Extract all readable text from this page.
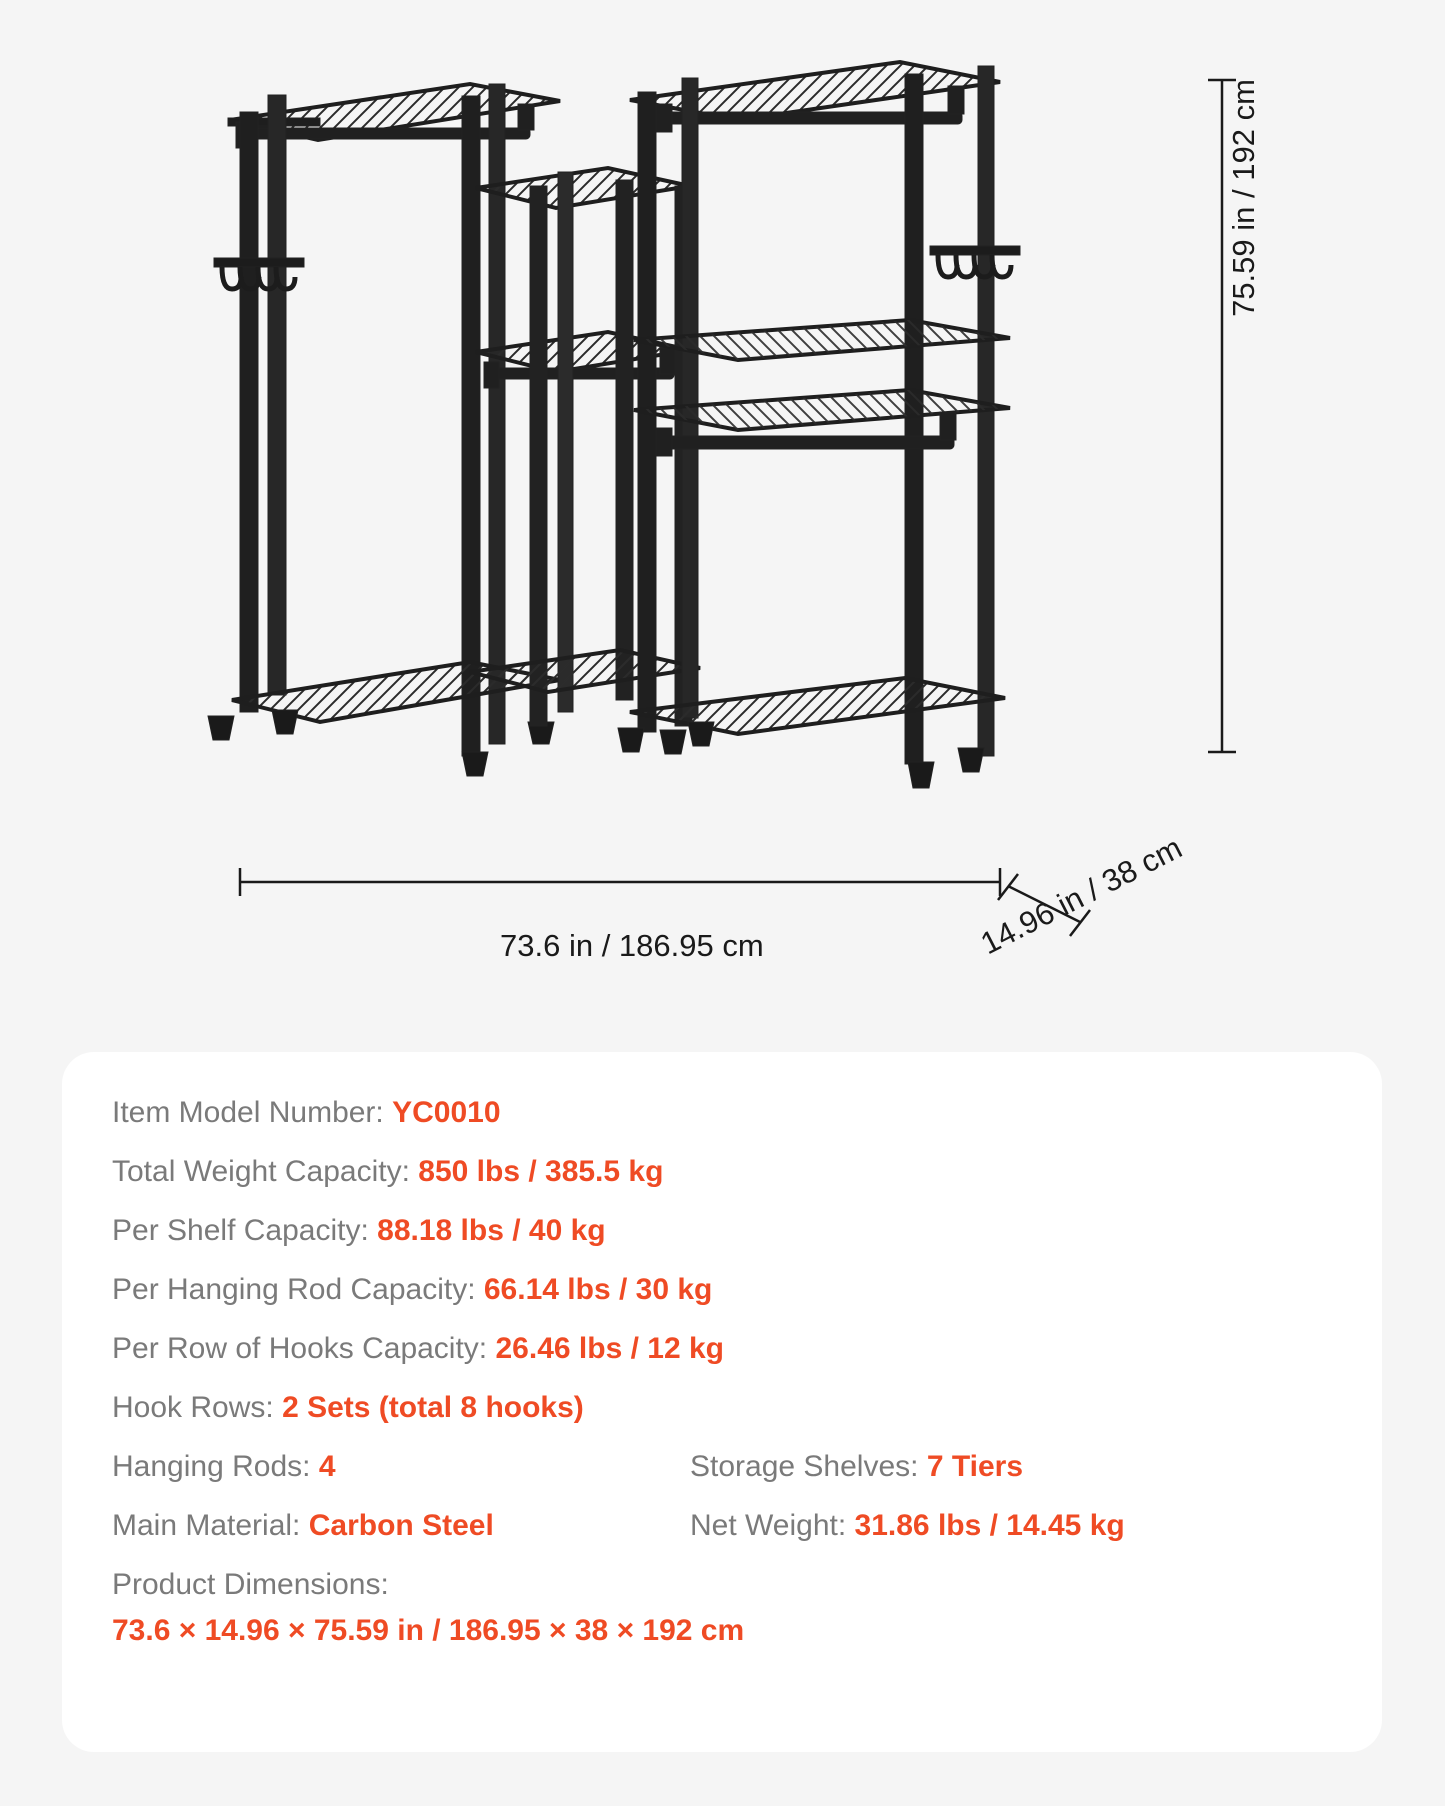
75.59 in / 192 cm
73.6 in / 186.95 cm	14.96 in / 38 cm
Item Model Number: YC0010
Total Weight Capacity: 850 lbs / 385.5 kg
Per Shelf Capacity: 88.18 lbs / 40 kg
Per Hanging Rod Capacity: 66.14 lbs / 30 kg
Per Row of Hooks Capacity: 26.46 lbs / 12 kg
Hook Rows: 2 Sets (total 8 hooks)
Hanging Rods: 4	Storage Shelves: 7 Tiers
Main Material: Carbon Steel	Net Weight: 31.86 lbs / 14.45 kg
Product Dimensions:
73.6 × 14.96 × 75.59 in / 186.95 × 38 × 192 cm
